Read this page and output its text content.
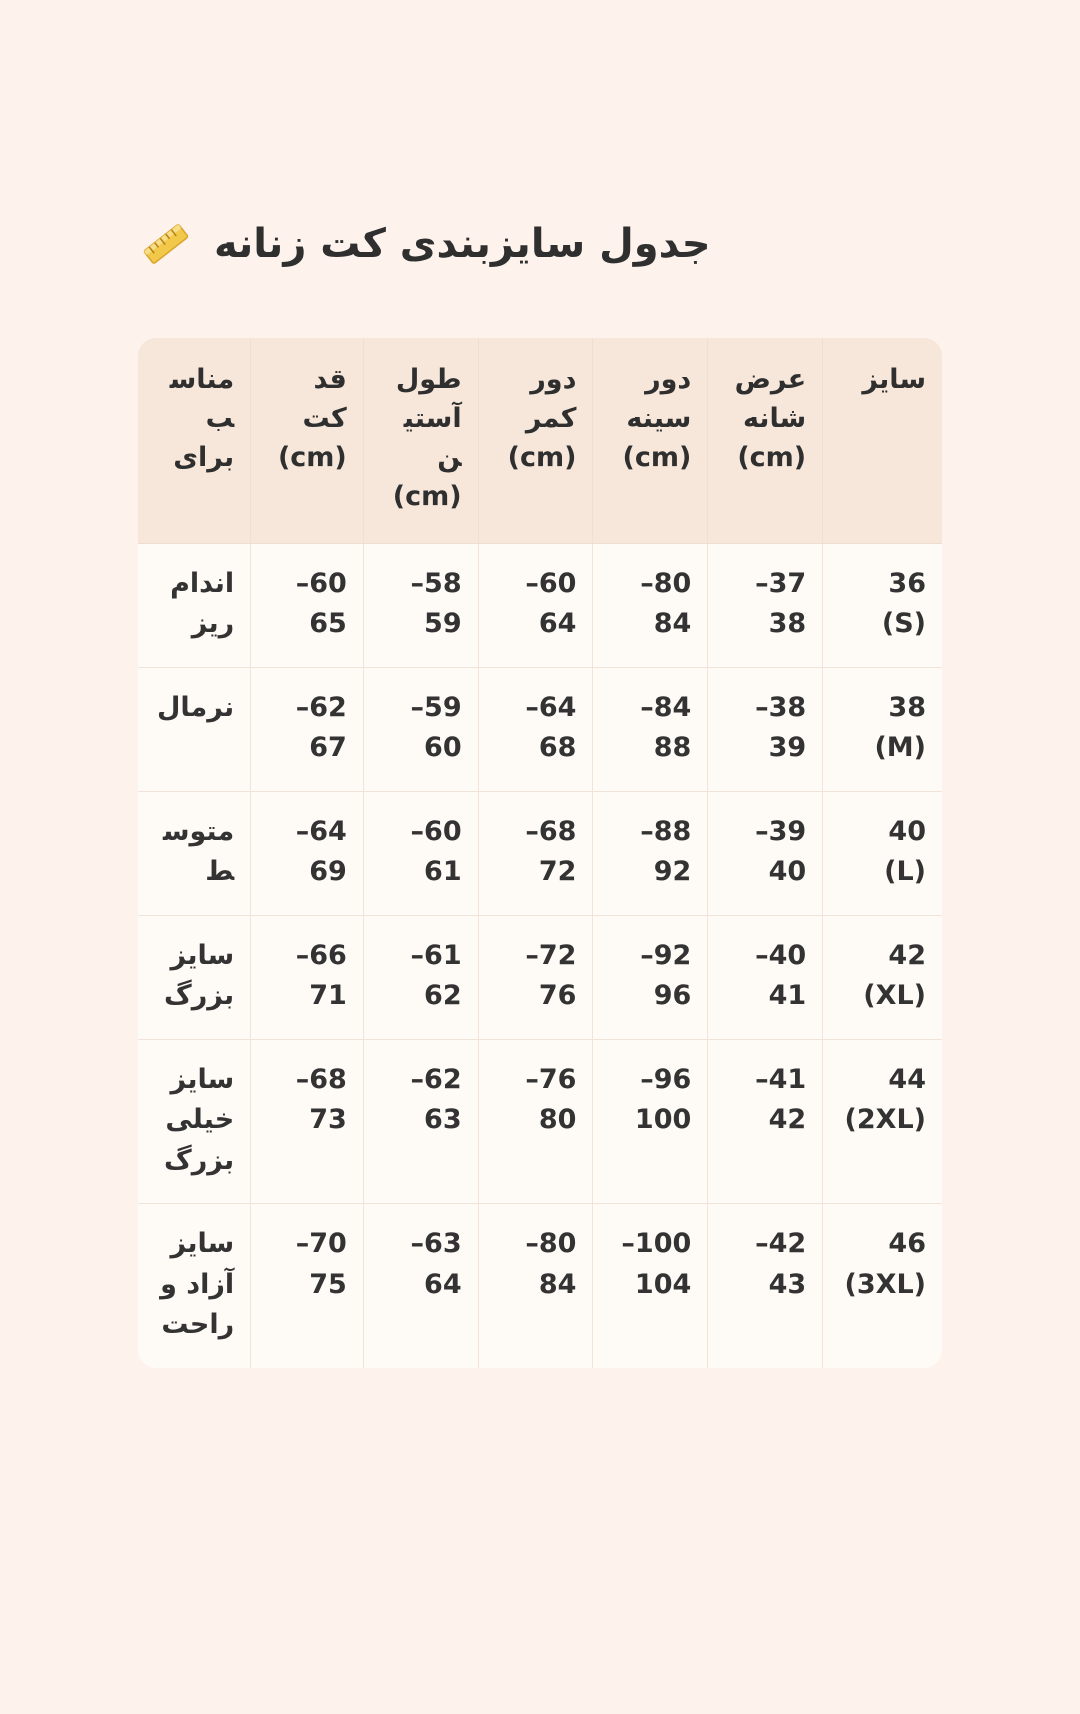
جدول سایزبندی کت زنانه
سایز	عرض شانه (cm)	دور سینه (cm)	دور کمر (cm)	طول آستین (cm)	قد کت (cm)	مناسب برای
36 (S)	37–38	80–84	60–64	58–59	60–65	اندام ریز
38 (M)	38–39	84–88	64–68	59–60	62–67	نرمال
40 (L)	39–40	88–92	68–72	60–61	64–69	متوسط
42 (XL)	40–41	92–96	72–76	61–62	66–71	سایز بزرگ
44 (2XL)	41–42	96–100	76–80	62–63	68–73	سایز خیلی بزرگ
46 (3XL)	42–43	100–104	80–84	63–64	70–75	سایز آزاد و راحت
